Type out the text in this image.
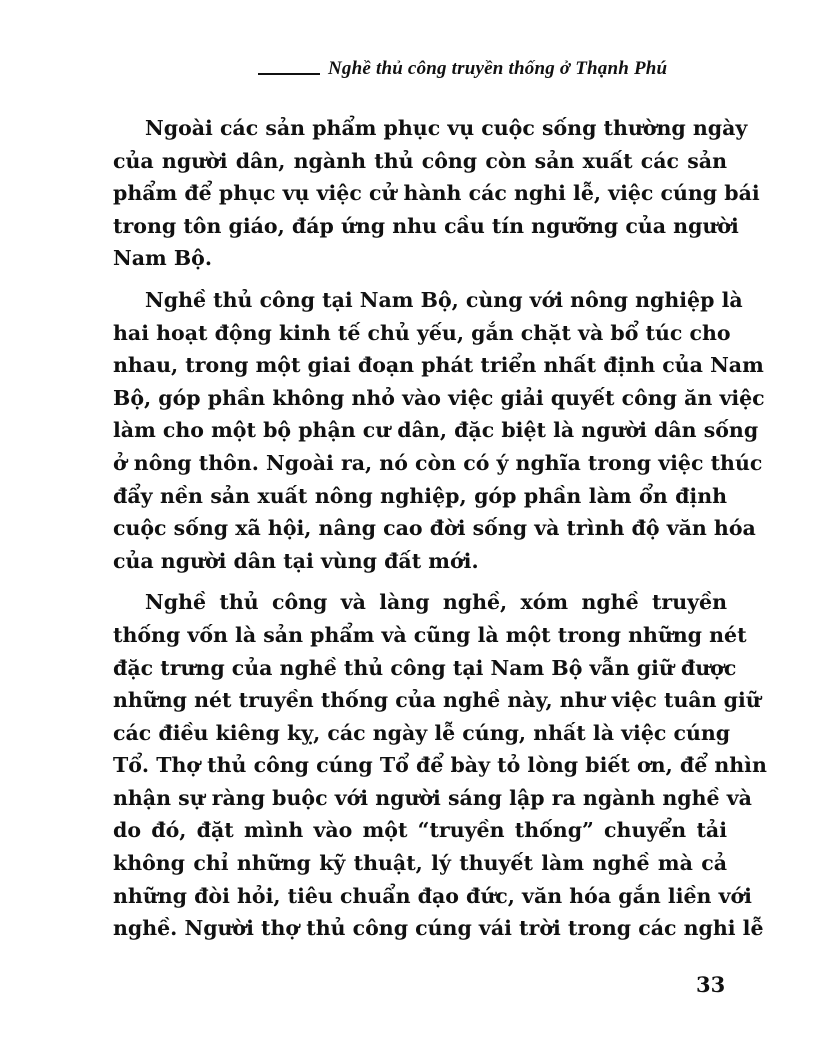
Nghề thủ công truyền thống ở Thạnh Phú
Ngoài các sản phẩm phục vụ cuộc sống thường ngày
của người dân, ngành thủ công còn sản xuất các sản
phẩm để phục vụ việc cử hành các nghi lễ, việc cúng bái
trong tôn giáo, đáp ứng nhu cầu tín ngưỡng của người
Nam Bộ.
Nghề thủ công tại Nam Bộ, cùng với nông nghiệp là
hai hoạt động kinh tế chủ yếu, gắn chặt và bổ túc cho
nhau, trong một giai đoạn phát triển nhất định của Nam
Bộ, góp phần không nhỏ vào việc giải quyết công ăn việc
làm cho một bộ phận cư dân, đặc biệt là người dân sống
ở nông thôn. Ngoài ra, nó còn có ý nghĩa trong việc thúc
đẩy nền sản xuất nông nghiệp, góp phần làm ổn định
cuộc sống xã hội, nâng cao đời sống và trình độ văn hóa
của người dân tại vùng đất mới.
Nghề thủ công và làng nghề, xóm nghề truyền
thống vốn là sản phẩm và cũng là một trong những nét
đặc trưng của nghề thủ công tại Nam Bộ vẫn giữ được
những nét truyền thống của nghề này, như việc tuân giữ
các điều kiêng kỵ, các ngày lễ cúng, nhất là việc cúng
Tổ. Thợ thủ công cúng Tổ để bày tỏ lòng biết ơn, để nhìn
nhận sự ràng buộc với người sáng lập ra ngành nghề và
do đó, đặt mình vào một “truyền thống” chuyển tải
không chỉ những kỹ thuật, lý thuyết làm nghề mà cả
những đòi hỏi, tiêu chuẩn đạo đức, văn hóa gắn liền với
nghề. Người thợ thủ công cúng vái trời trong các nghi lễ
33
